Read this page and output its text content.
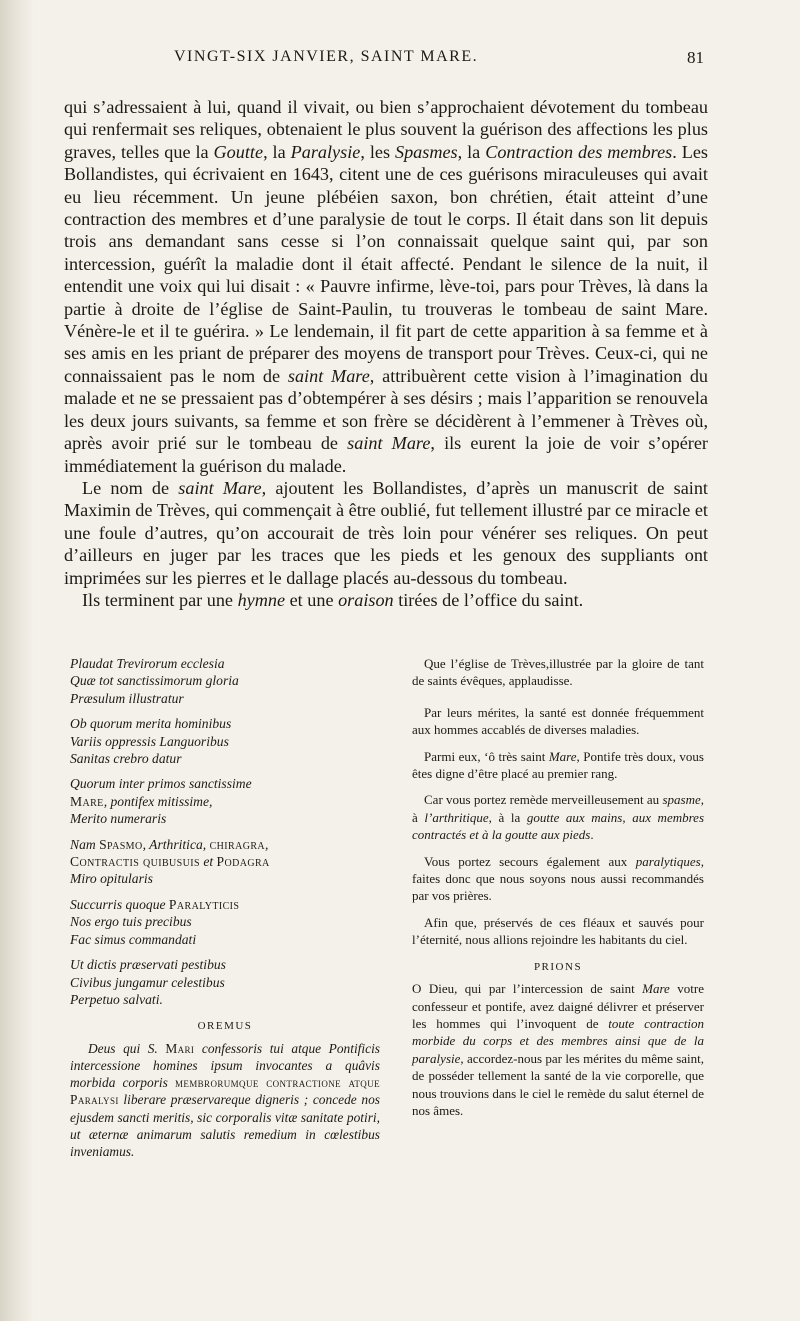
VINGT-SIX JANVIER, SAINT MARE.	81

qui s’adressaient à lui, quand il vivait, ou bien s’approchaient dévotement du tombeau qui renfermait ses reliques, obtenaient le plus souvent la guérison des affections les plus graves, telles que la Goutte, la Paralysie, les Spasmes, la Contraction des membres. Les Bollandistes, qui écrivaient en 1643, citent une de ces guérisons miraculeuses qui avait eu lieu récemment. Un jeune plébéien saxon, bon chrétien, était atteint d’une contraction des membres et d’une paralysie de tout le corps. Il était dans son lit depuis trois ans demandant sans cesse si l’on connaissait quelque saint qui, par son intercession, guérît la maladie dont il était affecté. Pendant le silence de la nuit, il entendit une voix qui lui disait : « Pauvre infirme, lève-toi, pars pour Trèves, là dans la partie à droite de l’église de Saint-Paulin, tu trouveras le tombeau de saint Mare. Vénère-le et il te guérira. » Le lendemain, il fit part de cette apparition à sa femme et à ses amis en les priant de préparer des moyens de transport pour Trèves. Ceux-ci, qui ne connaissaient pas le nom de saint Mare, attribuèrent cette vision à l’imagination du malade et ne se pressaient pas d’obtempérer à ses désirs ; mais l’apparition se renouvela les deux jours suivants, sa femme et son frère se décidèrent à l’emmener à Trèves où, après avoir prié sur le tombeau de saint Mare, ils eurent la joie de voir s’opérer immédiatement la guérison du malade.

Le nom de saint Mare, ajoutent les Bollandistes, d’après un manuscrit de saint Maximin de Trèves, qui commençait à être oublié, fut tellement illustré par ce miracle et une foule d’autres, qu’on accourait de très loin pour vénérer ses reliques. On peut d’ailleurs en juger par les traces que les pieds et les genoux des suppliants ont imprimées sur les pierres et le dallage placés au-dessous du tombeau.

Ils terminent par une hymne et une oraison tirées de l’office du saint.

Plaudat Trevirorum ecclesia
Quæ tot sanctissimorum gloria
Præsulum illustratur
Ob quorum merita hominibus
Variis oppressis Languoribus
Sanitas crebro datur
Quorum inter primos sanctissime
Mare, pontifex mitissime,
Merito numeraris
Nam Spasmo, Arthritica, chiragra,
Contractis quibusuis et Podagra
Miro opitularis
Succurris quoque Paralyticis
Nos ergo tuis precibus
Fac simus commandati
Ut dictis præservati pestibus
Civibus jungamur celestibus
Perpetuo salvati.
OREMUS
Deus qui S. Mari confessoris tui atque Pontificis intercessione homines ipsum invocantes a quâvis morbida corporis membrorumque contractione atque Paralysi liberare præservareque digneris ; concede nos ejusdem sancti meritis, sic corporalis vitæ sanitate potiri, ut æternæ animarum salutis remedium in cœlestibus inveniamus.
Que l’église de Trèves,illustrée par la gloire de tant de saints évêques, applaudisse.
Par leurs mérites, la santé est donnée fréquemment aux hommes accablés de diverses maladies.
Parmi eux, ‘ô très saint Mare, Pontife très doux, vous êtes digne d’être placé au premier rang.
Car vous portez remède merveilleusement au spasme, à l’arthritique, à la goutte aux mains, aux membres contractés et à la goutte aux pieds.
Vous portez secours également aux paralytiques, faites donc que nous soyons nous aussi recommandés par vos prières.
Afin que, préservés de ces fléaux et sauvés pour l’éternité, nous allions rejoindre les habitants du ciel.
PRIONS
O Dieu, qui par l’intercession de saint Mare votre confesseur et pontife, avez daigné délivrer et préserver les hommes qui l’invoquent de toute contraction morbide du corps et des membres ainsi que de la paralysie, accordez-nous par les mérites du même saint, de posséder tellement la santé de la vie corporelle, que nous trouvions dans le ciel le remède du salut éternel de nos âmes.
